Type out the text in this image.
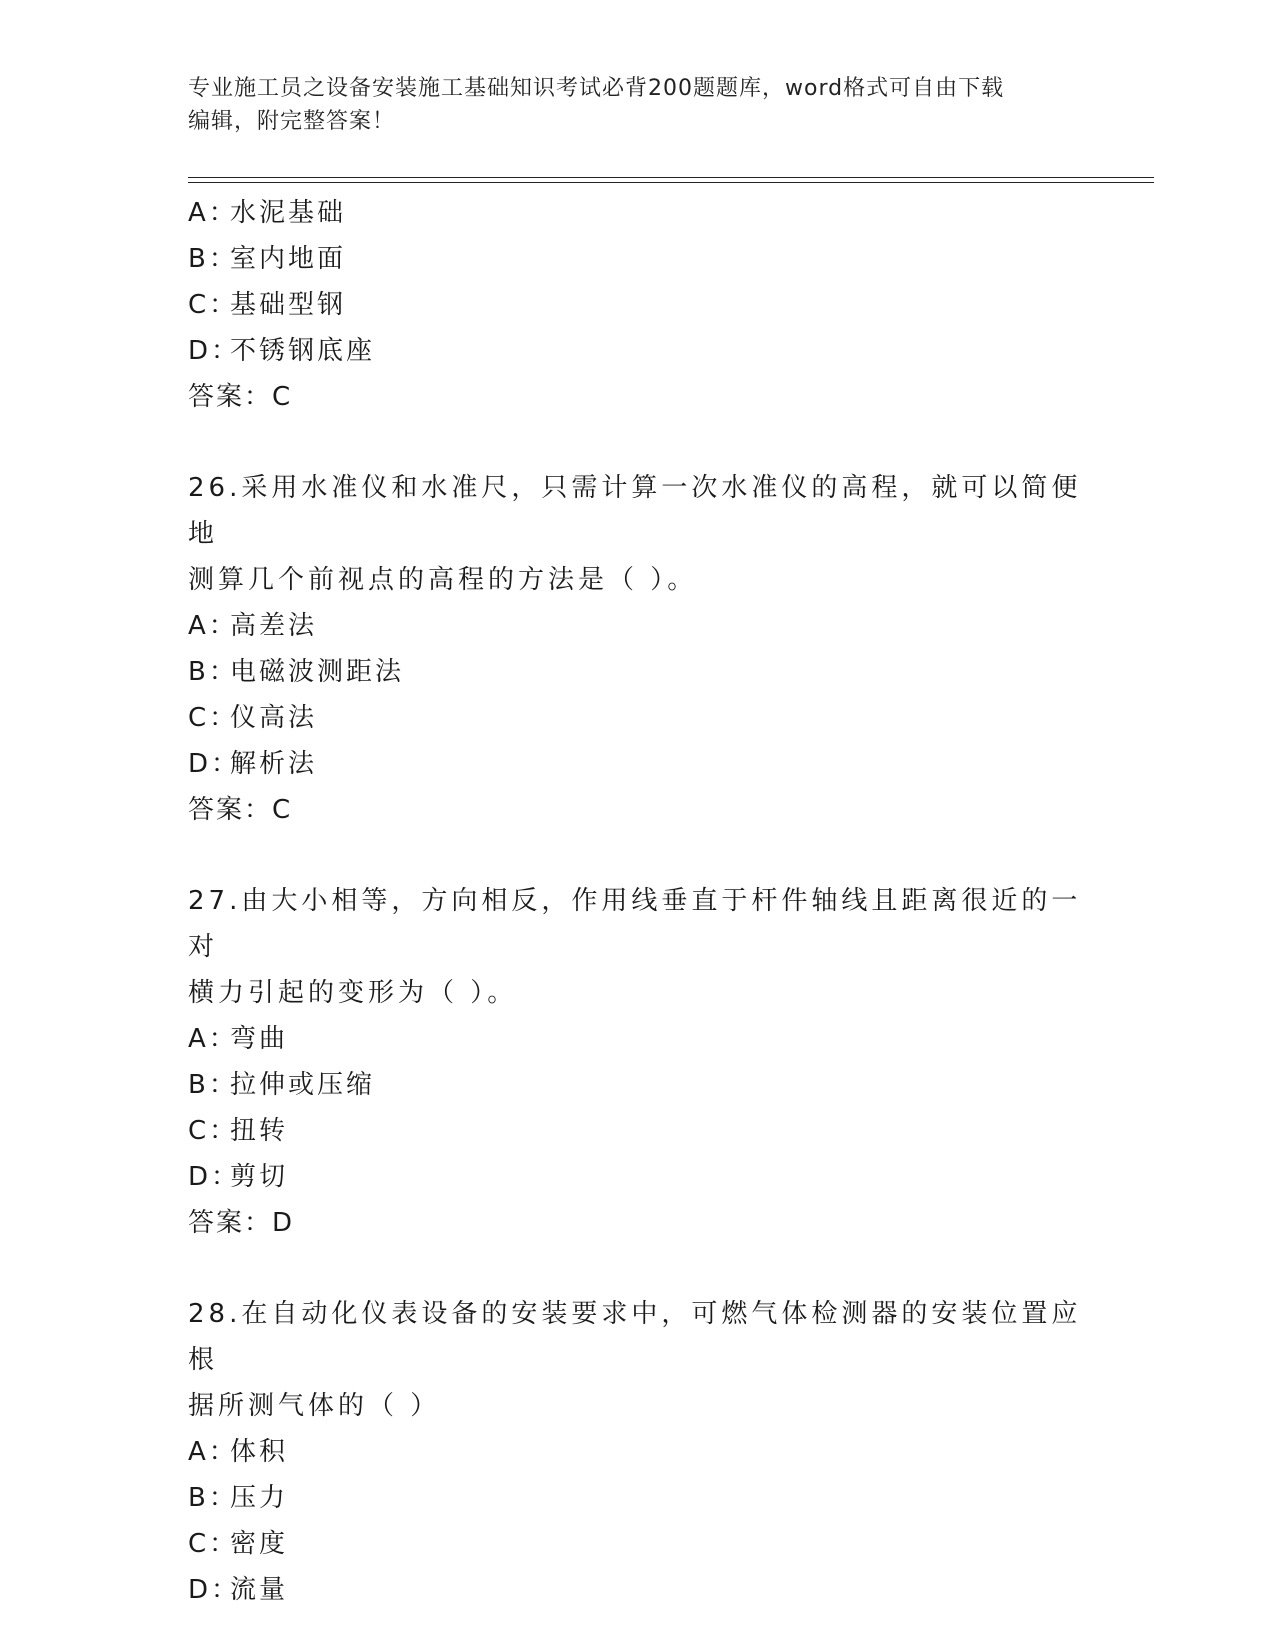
专业施工员之设备安装施工基础知识考试必背200题题库，word格式可自由下载
编辑，附完整答案！
A：水泥基础
B：室内地面
C：基础型钢
D：不锈钢底座
答案：C
26.采用水准仪和水准尺，只需计算一次水准仪的高程，就可以简便地
测算几个前视点的高程的方法是（ ）。
A：高差法
B：电磁波测距法
C：仪高法
D：解析法
答案：C
27.由大小相等，方向相反，作用线垂直于杆件轴线且距离很近的一对
横力引起的变形为（ ）。
A：弯曲
B：拉伸或压缩
C：扭转
D：剪切
答案：D
28.在自动化仪表设备的安装要求中，可燃气体检测器的安装位置应根
据所测气体的（ ）
A：体积
B：压力
C：密度
D：流量
